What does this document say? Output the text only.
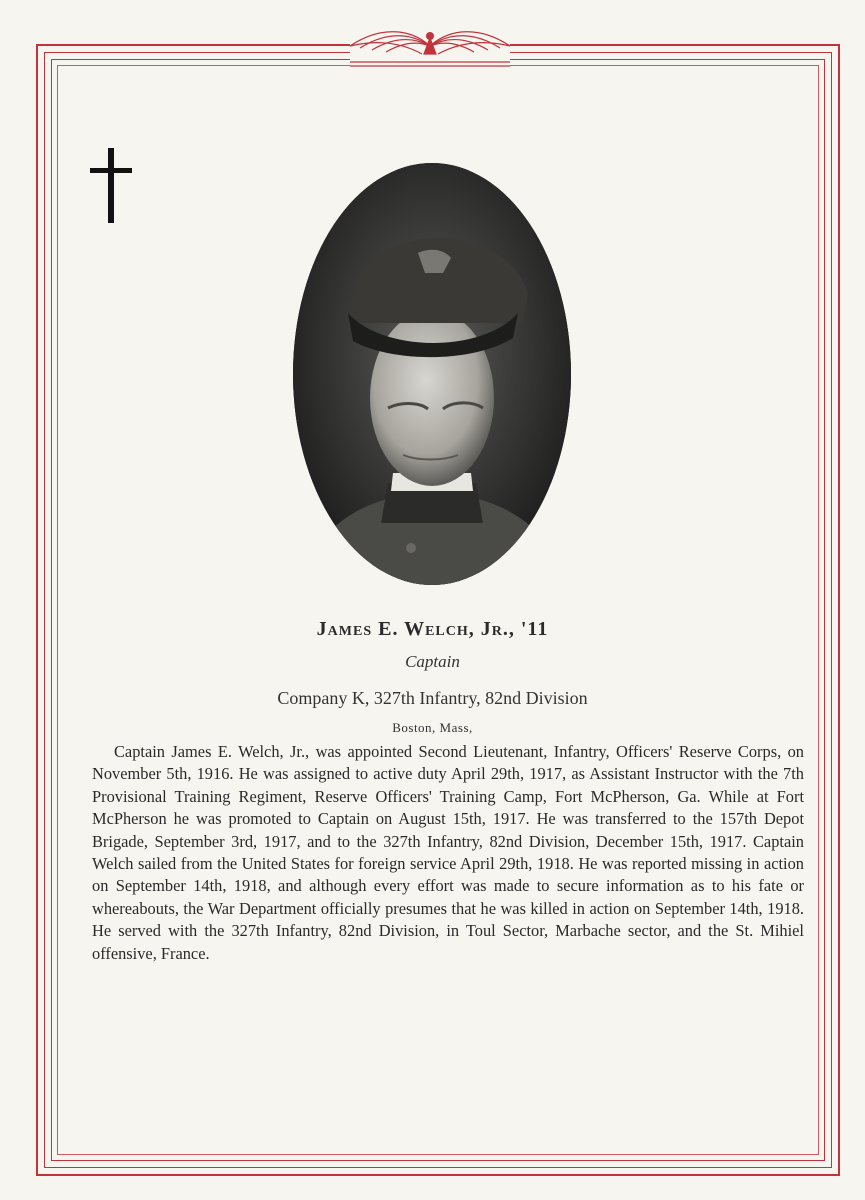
James E. Welch, Jr., '11
Captain
Company K, 327th Infantry, 82nd Division
Boston, Mass,

Captain James E. Welch, Jr., was appointed Second Lieutenant, Infantry, Officers' Reserve Corps, on November 5th, 1916. He was assigned to active duty April 29th, 1917, as Assistant Instructor with the 7th Provisional Training Regiment, Reserve Officers' Training Camp, Fort McPherson, Ga. While at Fort McPherson he was promoted to Captain on August 15th, 1917. He was transferred to the 157th Depot Brigade, September 3rd, 1917, and to the 327th Infantry, 82nd Division, December 15th, 1917. Captain Welch sailed from the United States for foreign service April 29th, 1918. He was reported missing in action on September 14th, 1918, and although every effort was made to secure information as to his fate or whereabouts, the War Department officially presumes that he was killed in action on September 14th, 1918. He served with the 327th Infantry, 82nd Division, in Toul Sector, Marbache sector, and the St. Mihiel offensive, France.
